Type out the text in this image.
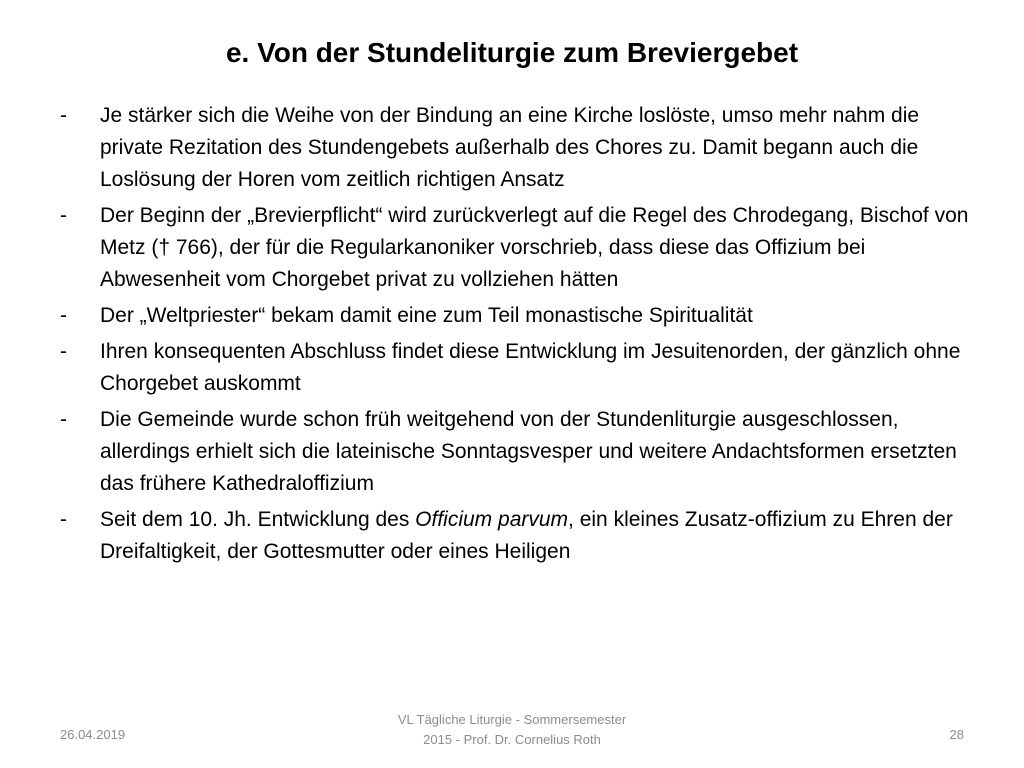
e. Von der Stundeliturgie zum Breviergebet
- Je stärker sich die Weihe von der Bindung an eine Kirche loslöste, umso mehr nahm die private Rezitation des Stundengebets außerhalb des Chores zu. Damit begann auch die Loslösung der Horen vom zeitlich richtigen Ansatz
- Der Beginn der „Brevierpflicht“ wird zurückverlegt auf die Regel des Chrodegang, Bischof von Metz († 766), der für die Regularkanoniker vorschrieb, dass diese das Offizium bei Abwesenheit vom Chorgebet privat zu vollziehen hätten
- Der „Weltpriester“ bekam damit eine zum Teil monastische Spiritualität
- Ihren konsequenten Abschluss findet diese Entwicklung im Jesuitenorden, der gänzlich ohne Chorgebet auskommt
- Die Gemeinde wurde schon früh weitgehend von der Stundenliturgie ausgeschlossen, allerdings erhielt sich die lateinische Sonntagsvesper und weitere Andachtsformen ersetzten das frühere Kathedraloffizium
- Seit dem 10. Jh. Entwicklung des Officium parvum, ein kleines Zusatz-offizium zu Ehren der Dreifaltigkeit, der Gottesmutter oder eines Heiligen
26.04.2019
VL Tägliche Liturgie - Sommersemester
2015 - Prof. Dr. Cornelius Roth	28
